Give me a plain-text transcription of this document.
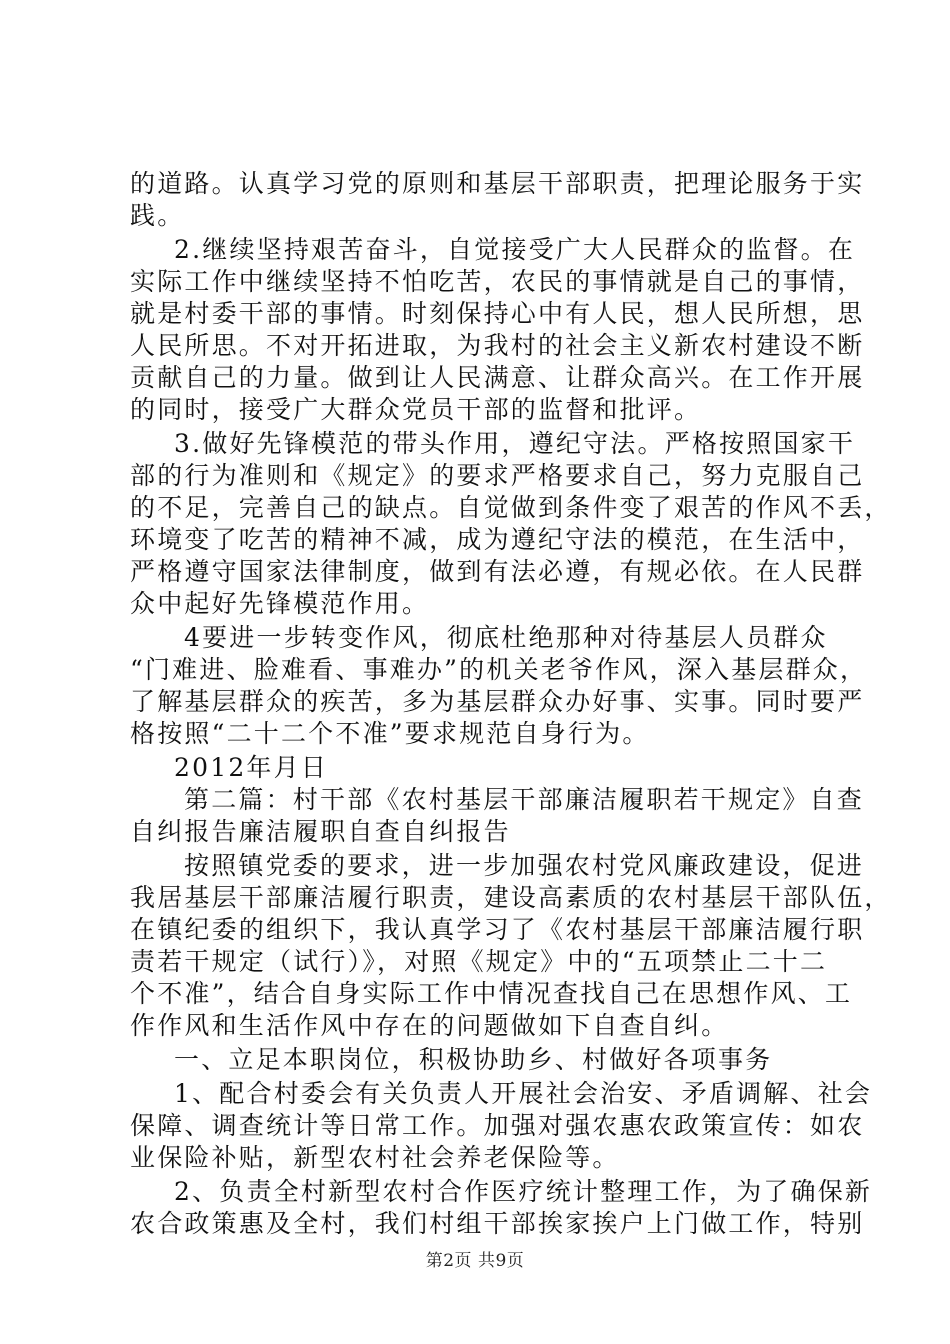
的道路。认真学习党的原则和基层干部职责，把理论服务于实
践。
2.继续坚持艰苦奋斗，自觉接受广大人民群众的监督。在
实际工作中继续坚持不怕吃苦，农民的事情就是自己的事情，
就是村委干部的事情。时刻保持心中有人民，想人民所想，思
人民所思。不对开拓进取，为我村的社会主义新农村建设不断
贡献自己的力量。做到让人民满意、让群众高兴。在工作开展
的同时，接受广大群众党员干部的监督和批评。
3.做好先锋模范的带头作用，遵纪守法。严格按照国家干
部的行为准则和《规定》的要求严格要求自己，努力克服自己
的不足，完善自己的缺点。自觉做到条件变了艰苦的作风不丢，
环境变了吃苦的精神不减，成为遵纪守法的模范，在生活中，
严格遵守国家法律制度，做到有法必遵，有规必依。在人民群
众中起好先锋模范作用。
4要进一步转变作风，彻底杜绝那种对待基层人员群众
“门难进、脸难看、事难办”的机关老爷作风，深入基层群众，
了解基层群众的疾苦，多为基层群众办好事、实事。同时要严
格按照“二十二个不准”要求规范自身行为。
2012年月日
第二篇：村干部《农村基层干部廉洁履职若干规定》自查
自纠报告廉洁履职自查自纠报告
按照镇党委的要求，进一步加强农村党风廉政建设，促进
我居基层干部廉洁履行职责，建设高素质的农村基层干部队伍，
在镇纪委的组织下，我认真学习了《农村基层干部廉洁履行职
责若干规定（试行）》，对照《规定》中的“五项禁止二十二
个不准”，结合自身实际工作中情况查找自己在思想作风、工
作作风和生活作风中存在的问题做如下自查自纠。
一、立足本职岗位，积极协助乡、村做好各项事务
1、配合村委会有关负责人开展社会治安、矛盾调解、社会
保障、调查统计等日常工作。加强对强农惠农政策宣传：如农
业保险补贴，新型农村社会养老保险等。
2、负责全村新型农村合作医疗统计整理工作，为了确保新
农合政策惠及全村，我们村组干部挨家挨户上门做工作，特别
第2页 共9页
